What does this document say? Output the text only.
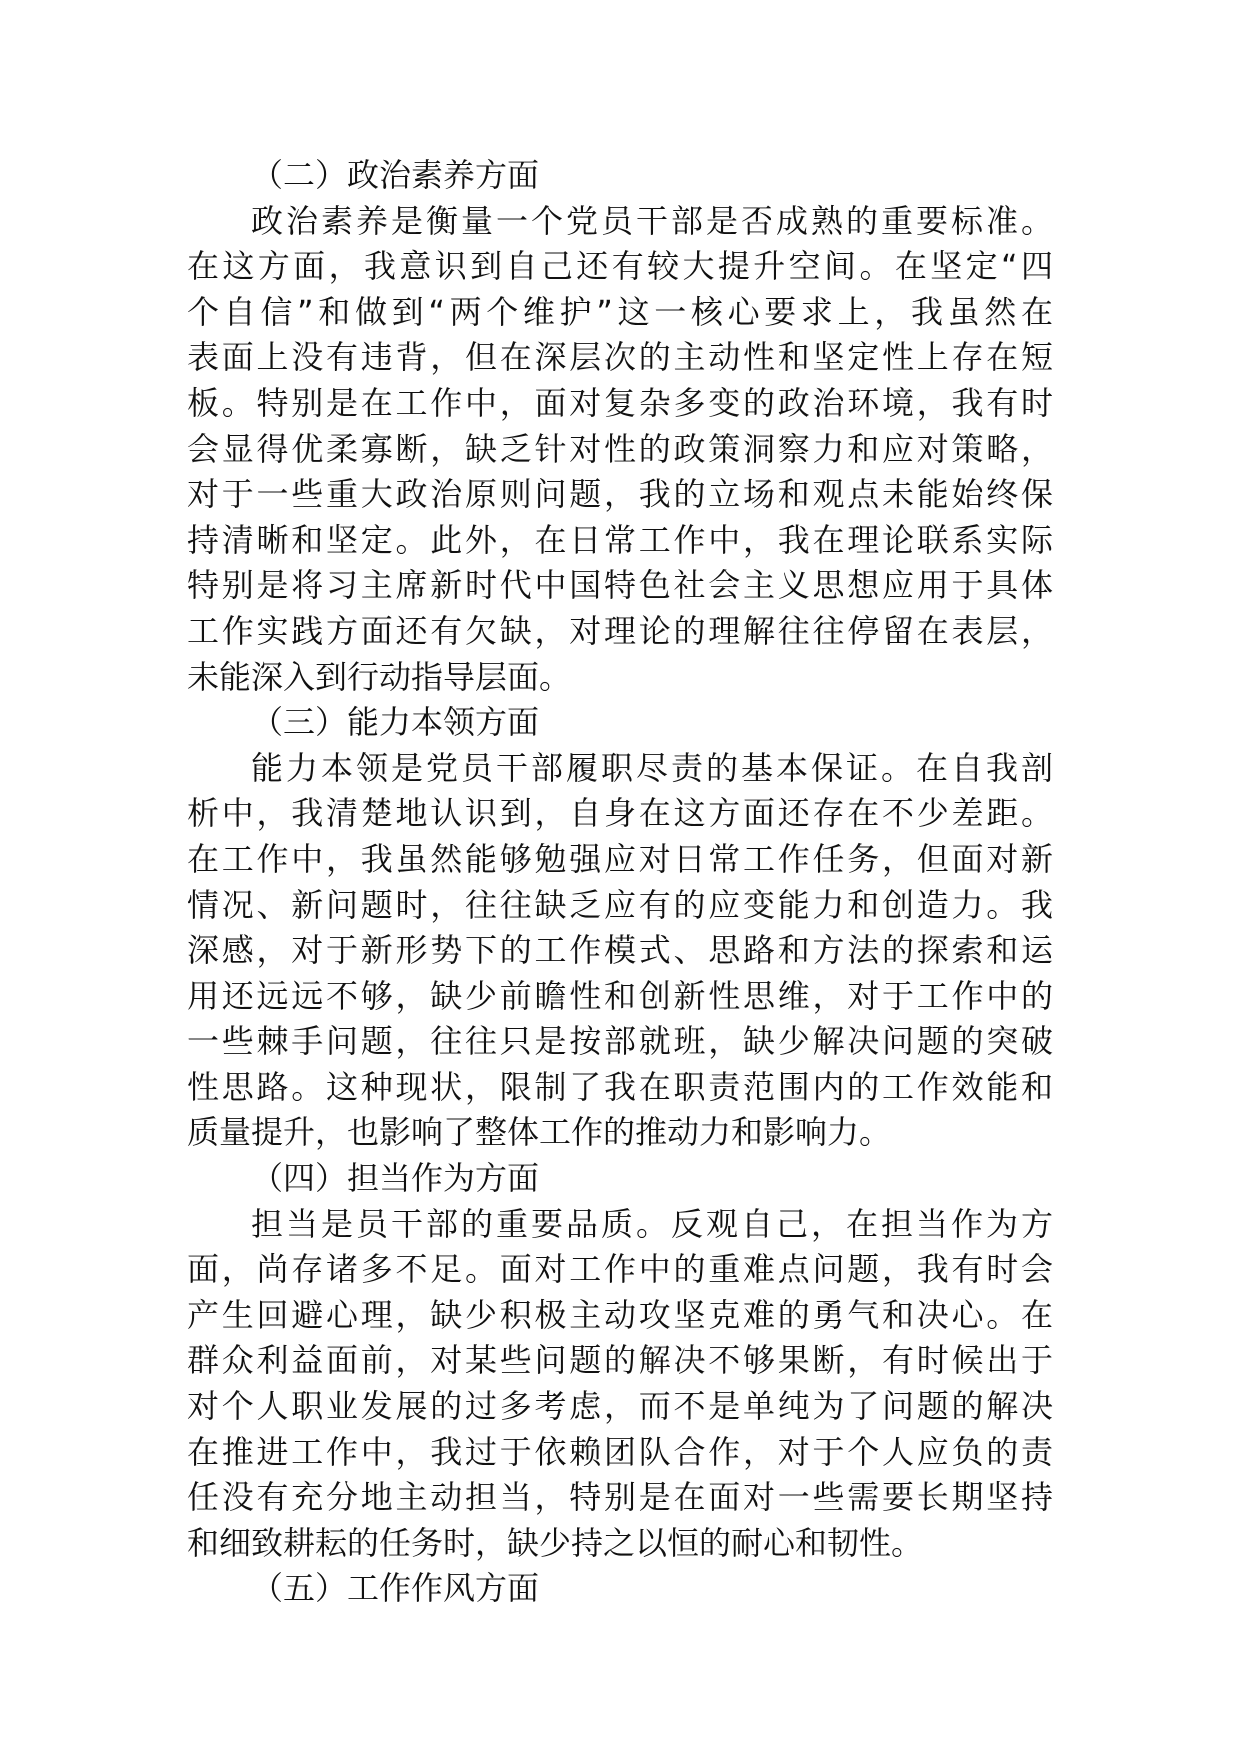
（二）政治素养方面
政治素养是衡量一个党员干部是否成熟的重要标准。
在这方面，我意识到自己还有较大提升空间。在坚定“四
个自信”和做到“两个维护”这一核心要求上，我虽然在
表面上没有违背，但在深层次的主动性和坚定性上存在短
板。特别是在工作中，面对复杂多变的政治环境，我有时
会显得优柔寡断，缺乏针对性的政策洞察力和应对策略，
对于一些重大政治原则问题，我的立场和观点未能始终保
持清晰和坚定。此外，在日常工作中，我在理论联系实际
特别是将习主席新时代中国特色社会主义思想应用于具体
工作实践方面还有欠缺，对理论的理解往往停留在表层，
未能深入到行动指导层面。
（三）能力本领方面
能力本领是党员干部履职尽责的基本保证。在自我剖
析中，我清楚地认识到，自身在这方面还存在不少差距。
在工作中，我虽然能够勉强应对日常工作任务，但面对新
情况、新问题时，往往缺乏应有的应变能力和创造力。我
深感，对于新形势下的工作模式、思路和方法的探索和运
用还远远不够，缺少前瞻性和创新性思维，对于工作中的
一些棘手问题，往往只是按部就班，缺少解决问题的突破
性思路。这种现状，限制了我在职责范围内的工作效能和
质量提升，也影响了整体工作的推动力和影响力。
（四）担当作为方面
担当是员干部的重要品质。反观自己，在担当作为方
面，尚存诸多不足。面对工作中的重难点问题，我有时会
产生回避心理，缺少积极主动攻坚克难的勇气和决心。在
群众利益面前，对某些问题的解决不够果断，有时候出于
对个人职业发展的过多考虑，而不是单纯为了问题的解决
在推进工作中，我过于依赖团队合作，对于个人应负的责
任没有充分地主动担当，特别是在面对一些需要长期坚持
和细致耕耘的任务时，缺少持之以恒的耐心和韧性。
（五）工作作风方面
